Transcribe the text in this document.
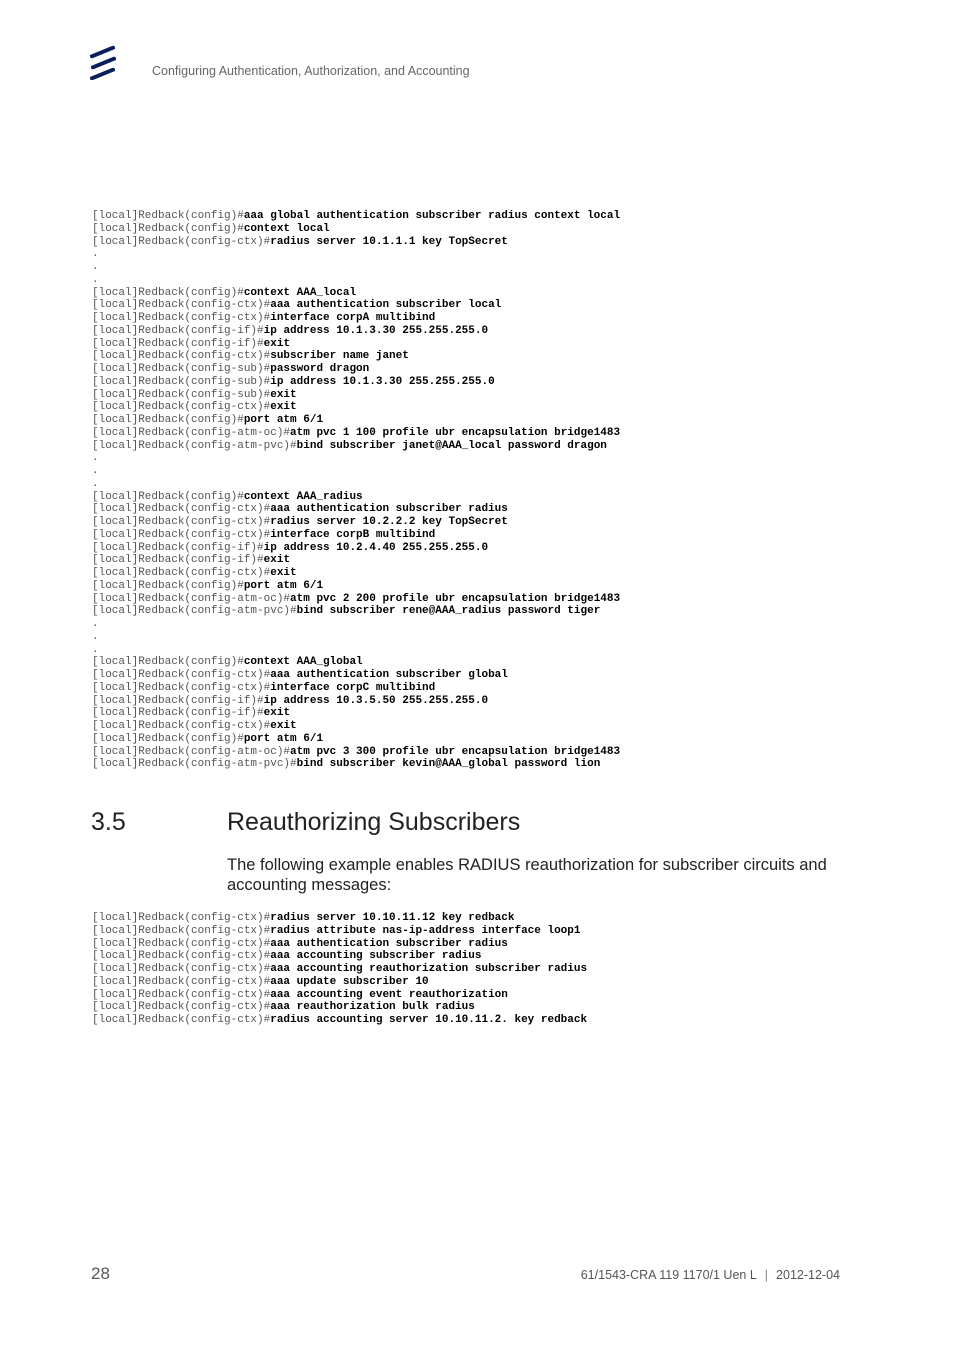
Configuring Authentication, Authorization, and Accounting
[local]Redback(config)#aaa global authentication subscriber radius context local
[local]Redback(config)#context local
[local]Redback(config-ctx)#radius server 10.1.1.1 key TopSecret
.
.
.
[local]Redback(config)#context AAA_local
[local]Redback(config-ctx)#aaa authentication subscriber local
[local]Redback(config-ctx)#interface corpA multibind
[local]Redback(config-if)#ip address 10.1.3.30 255.255.255.0
[local]Redback(config-if)#exit
[local]Redback(config-ctx)#subscriber name janet
[local]Redback(config-sub)#password dragon
[local]Redback(config-sub)#ip address 10.1.3.30 255.255.255.0
[local]Redback(config-sub)#exit
[local]Redback(config-ctx)#exit
[local]Redback(config)#port atm 6/1
[local]Redback(config-atm-oc)#atm pvc 1 100 profile ubr encapsulation bridge1483
[local]Redback(config-atm-pvc)#bind subscriber janet@AAA_local password dragon
.
.
.
[local]Redback(config)#context AAA_radius
[local]Redback(config-ctx)#aaa authentication subscriber radius
[local]Redback(config-ctx)#radius server 10.2.2.2 key TopSecret
[local]Redback(config-ctx)#interface corpB multibind
[local]Redback(config-if)#ip address 10.2.4.40 255.255.255.0
[local]Redback(config-if)#exit
[local]Redback(config-ctx)#exit
[local]Redback(config)#port atm 6/1
[local]Redback(config-atm-oc)#atm pvc 2 200 profile ubr encapsulation bridge1483
[local]Redback(config-atm-pvc)#bind subscriber rene@AAA_radius password tiger
.
.
.
[local]Redback(config)#context AAA_global
[local]Redback(config-ctx)#aaa authentication subscriber global
[local]Redback(config-ctx)#interface corpC multibind
[local]Redback(config-if)#ip address 10.3.5.50 255.255.255.0
[local]Redback(config-if)#exit
[local]Redback(config-ctx)#exit
[local]Redback(config)#port atm 6/1
[local]Redback(config-atm-oc)#atm pvc 3 300 profile ubr encapsulation bridge1483
[local]Redback(config-atm-pvc)#bind subscriber kevin@AAA_global password lion
3.5	Reauthorizing Subscribers

The following example enables RADIUS reauthorization for subscriber circuits and accounting messages:

[local]Redback(config-ctx)#radius server 10.10.11.12 key redback
[local]Redback(config-ctx)#radius attribute nas-ip-address interface loop1
[local]Redback(config-ctx)#aaa authentication subscriber radius
[local]Redback(config-ctx)#aaa accounting subscriber radius
[local]Redback(config-ctx)#aaa accounting reauthorization subscriber radius
[local]Redback(config-ctx)#aaa update subscriber 10
[local]Redback(config-ctx)#aaa accounting event reauthorization
[local]Redback(config-ctx)#aaa reauthorization bulk radius
[local]Redback(config-ctx)#radius accounting server 10.10.11.2. key redback
28	61/1543-CRA 119 1170/1 Uen L | 2012-12-04
